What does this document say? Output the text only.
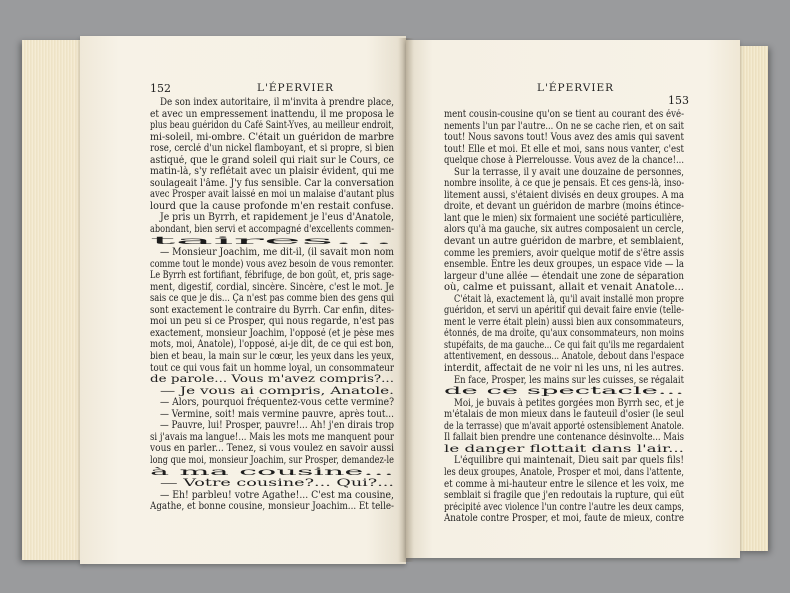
152	L'ÉPERVIER	L'ÉPERVIER
153
De son index autoritaire, il m'invita à prendre place,
et avec un empressement inattendu, il me proposa le
plus beau guéridon du Café Saint-Yves, au meilleur endroit,
mi-soleil, mi-ombre. C'était un guéridon de marbre
rose, cerclé d'un nickel flamboyant, et si propre, si bien
astiqué, que le grand soleil qui riait sur le Cours, ce
matin-là, s'y reflétait avec un plaisir évident, qui me
soulageait l'âme. J'y fus sensible. Car la conversation
avec Prosper avait laissé en moi un malaise d'autant plus
lourd que la cause profonde m'en restait confuse.
Je pris un Byrrh, et rapidement je l'eus d'Anatole,
abondant, bien servi et accompagné d'excellents commen-
taires...
— Monsieur Joachim, me dit-il, (il savait mon nom
comme tout le monde) vous avez besoin de vous remonter.
Le Byrrh est fortifiant, fébrifuge, de bon goût, et, pris sage-
ment, digestif, cordial, sincère. Sincère, c'est le mot. Je
sais ce que je dis... Ça n'est pas comme bien des gens qui
sont exactement le contraire du Byrrh. Car enfin, dites-
moi un peu si ce Prosper, qui nous regarde, n'est pas
exactement, monsieur Joachim, l'opposé (et je pèse mes
mots, moi, Anatole), l'opposé, ai-je dit, de ce qui est bon,
bien et beau, la main sur le cœur, les yeux dans les yeux,
tout ce qui vous fait un homme loyal, un consommateur
de parole... Vous m'avez compris?...
— Je vous ai compris, Anatole.
— Alors, pourquoi fréquentez-vous cette vermine?
— Vermine, soit! mais vermine pauvre, après tout...
— Pauvre, lui! Prosper, pauvre!... Ah! j'en dirais trop
si j'avais ma langue!... Mais les mots me manquent pour
vous en parler... Tenez, si vous voulez en savoir aussi
long que moi, monsieur Joachim, sur Prosper, demandez-le
à ma cousine...
— Votre cousine?... Qui?...
— Eh! parbleu! votre Agathe!... C'est ma cousine,
Agathe, et bonne cousine, monsieur Joachim... Et telle-
ment cousin-cousine qu'on se tient au courant des évé-
nements l'un par l'autre... On ne se cache rien, et on sait
tout! Nous savons tout! Vous avez des amis qui savent
tout! Elle et moi. Et elle et moi, sans nous vanter, c'est
quelque chose à Pierrelousse. Vous avez de la chance!...
Sur la terrasse, il y avait une douzaine de personnes,
nombre insolite, à ce que je pensais. Et ces gens-là, inso-
litement aussi, s'étaient divisés en deux groupes. A ma
droite, et devant un guéridon de marbre (moins étince-
lant que le mien) six formaient une société particulière,
alors qu'à ma gauche, six autres composaient un cercle,
devant un autre guéridon de marbre, et semblaient,
comme les premiers, avoir quelque motif de s'être assis
ensemble. Entre les deux groupes, un espace vide — la
largeur d'une allée — étendait une zone de séparation
où, calme et puissant, allait et venait Anatole...
C'était là, exactement là, qu'il avait installé mon propre
guéridon, et servi un apéritif qui devait faire envie (telle-
ment le verre était plein) aussi bien aux consommateurs,
étonnés, de ma droite, qu'aux consommateurs, non moins
stupéfaits, de ma gauche... Ce qui fait qu'ils me regardaient
attentivement, en dessous... Anatole, debout dans l'espace
interdit, affectait de ne voir ni les uns, ni les autres.
En face, Prosper, les mains sur les cuisses, se régalait
de ce spectacle...
Moi, je buvais à petites gorgées mon Byrrh sec, et je
m'étalais de mon mieux dans le fauteuil d'osier (le seul
de la terrasse) que m'avait apporté ostensiblement Anatole.
Il fallait bien prendre une contenance désinvolte... Mais
le danger flottait dans l'air...
L'équilibre qui maintenait, Dieu sait par quels fils!
les deux groupes, Anatole, Prosper et moi, dans l'attente,
et comme à mi-hauteur entre le silence et les voix, me
semblait si fragile que j'en redoutais la rupture, qui eût
précipité avec violence l'un contre l'autre les deux camps,
Anatole contre Prosper, et moi, faute de mieux, contre
